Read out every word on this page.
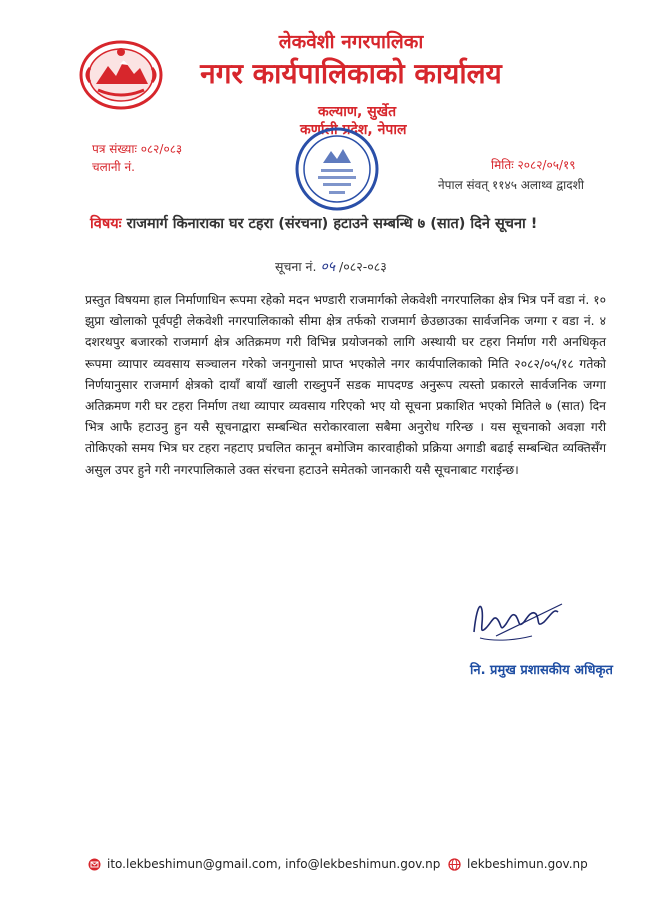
लेकवेशी नगरपालिका
नगर कार्यपालिकाको कार्यालय
कल्याण, सुर्खेत
कर्णाली प्रदेश, नेपाल
पत्र संख्याः ०८२/०८३
चलानी नं.	मितिः २०८२/०५/१९
नेपाल संवत् ११४५ अलाथ्व द्वादशी
विषयः राजमार्ग किनाराका घर टहरा (संरचना) हटाउने सम्बन्धि ७ (सात) दिने सूचना !
सूचना नं. ०५ /०८२-०८३
प्रस्तुत विषयमा हाल निर्माणाधिन रूपमा रहेको मदन भण्डारी राजमार्गको लेकवेशी नगरपालिका क्षेत्र भित्र पर्ने वडा नं. १० झुप्रा खोलाको पूर्वपट्टी लेकवेशी नगरपालिकाको सीमा क्षेत्र तर्फको राजमार्ग छेउछाउका सार्वजनिक जग्गा र वडा नं. ४ दशरथपुर बजारको राजमार्ग क्षेत्र अतिक्रमण गरी विभिन्न प्रयोजनको लागि अस्थायी घर टहरा निर्माण गरी अनधिकृत रूपमा व्यापार व्यवसाय सञ्चालन गरेको जनगुनासो प्राप्त भएकोले नगर कार्यपालिकाको मिति २०८२/०५/१८ गतेको निर्णयानुसार राजमार्ग क्षेत्रको दायाँ बायाँ खाली राख्नुपर्ने सडक मापदण्ड अनुरूप त्यस्तो प्रकारले सार्वजनिक जग्गा अतिक्रमण गरी घर टहरा निर्माण तथा व्यापार व्यवसाय गरिएको भए यो सूचना प्रकाशित भएको मितिले ७ (सात) दिन भित्र आफै हटाउनु हुन यसै सूचनाद्वारा सम्बन्धित सरोकारवाला सबैमा अनुरोध गरिन्छ । यस सूचनाको अवज्ञा गरी तोकिएको समय भित्र घर टहरा नहटाए प्रचलित कानून बमोजिम कारवाहीको प्रक्रिया अगाडी बढाई सम्बन्धित व्यक्तिसँग असुल उपर हुने गरी नगरपालिकाले उक्त संरचना हटाउने समेतको जानकारी यसै सूचनाबाट गराईन्छ।
नि. प्रमुख प्रशासकीय अधिकृत
ito.lekbeshimun@gmail.com, info@lekbeshimun.gov.np lekbeshimun.gov.np
